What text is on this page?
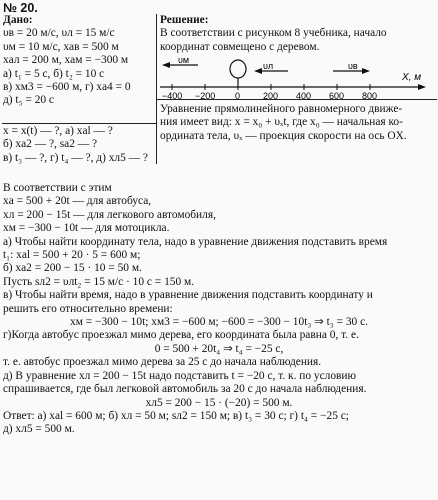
№ 20.
Дано:
υв = 20 м/с, υл = 15 м/с
υм = 10 м/с, xав = 500 м
xал = 200 м, xам = −300 м
а) t₁ = 5 с, б) t₂ = 10 с
в) xм3 = −600 м, г) xа4 = 0
д) t₅ = 20 с
x = x(t) — ?, а) xаl — ?
б) xа2 — ?, sа2 — ?
в) t₃ — ?, г) t₄ — ?, д) xл5 — ?
Решение:
В соответствии с рисунком 8 учебника, начало координат совмещено с деревом.
υм
υл	υв
−400 −200 0	200 400 600 800
X, м
Уравнение прямолинейного равномерного движе-
ния имеет вид: x = x₀ + υₓt, где x₀ — начальная ко-
ордината тела, υₓ — проекция скорости на ось OX.
В соответствии с этим
xа = 500 + 20t — для автобуса,
xл = 200 − 15t — для легкового автомобиля,
xм = −300 − 10t — для мотоцикла.
а) Чтобы найти координату тела, надо в уравнение движения подставить время
t₁: xаl = 500 + 20 · 5 = 600 м;
б) xа2 = 200 − 15 · 10 = 50 м.
Пусть sл2 = υлt₂ = 15 м/с · 10 с = 150 м.
в) Чтобы найти время, надо в уравнение движения подставить координату и
решить его относительно времени:
xм = −300 − 10t; xм3 = −600 м; −600 = −300 − 10t₃ ⇒ t₃ = 30 с.
г)Когда автобус проезжал мимо дерева, его координата была равна 0, т. е.
0 = 500 + 20t₄ ⇒ t₄ = −25 с,
т. е. автобус проезжал мимо дерева за 25 с до начала наблюдения.
д) В уравнение xл = 200 − 15t надо подставить t = −20 с, т. к. по условию
спрашивается, где был легковой автомобиль за 20 с до начала наблюдения.
xл5 = 200 − 15 · (−20) = 500 м.
Ответ: а) xаl = 600 м; б) xл = 50 м; sл2 = 150 м; в) t₃ = 30 с; г) t₄ = −25 с;
д) xл5 = 500 м.
